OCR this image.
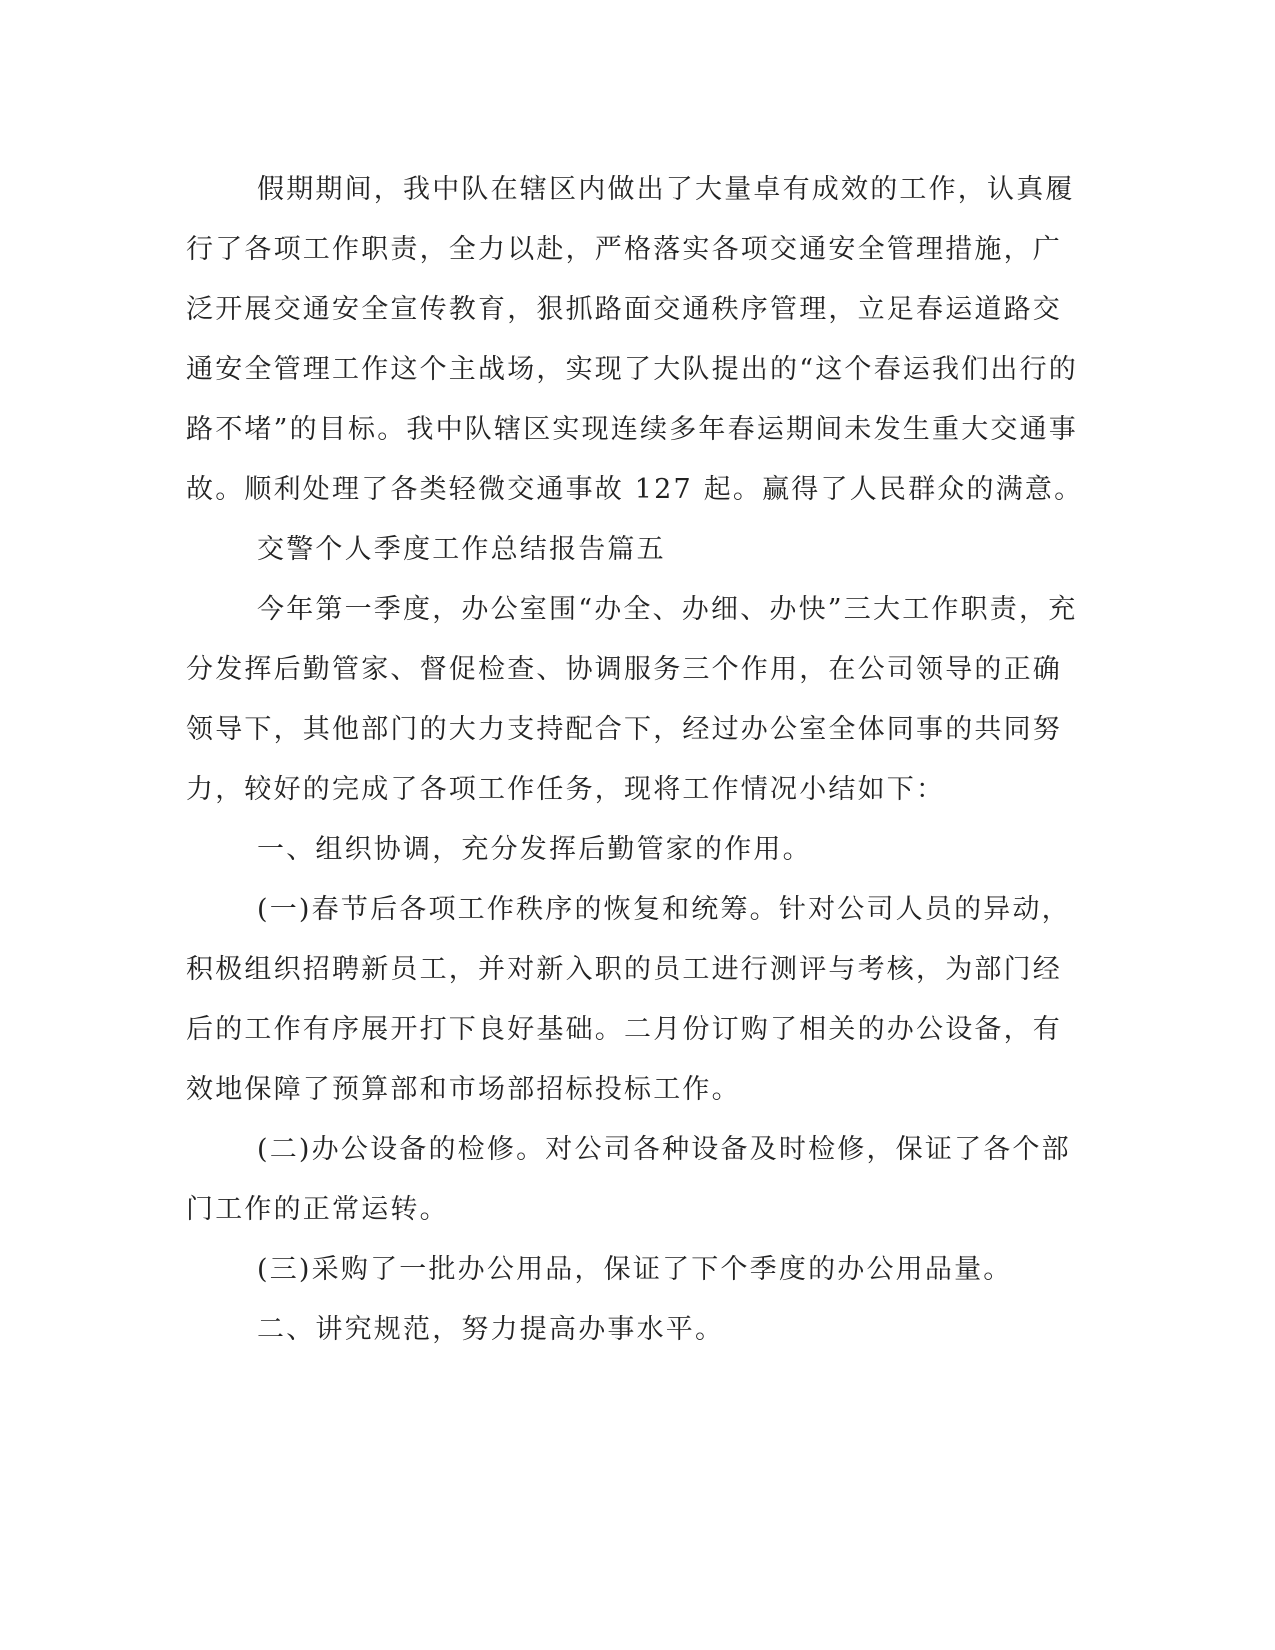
假期期间，我中队在辖区内做出了大量卓有成效的工作，认真履
行了各项工作职责，全力以赴，严格落实各项交通安全管理措施，广
泛开展交通安全宣传教育，狠抓路面交通秩序管理，立足春运道路交
通安全管理工作这个主战场，实现了大队提出的“这个春运我们出行的
路不堵”的目标。我中队辖区实现连续多年春运期间未发生重大交通事
故。顺利处理了各类轻微交通事故 127 起。赢得了人民群众的满意。

交警个人季度工作总结报告篇五

今年第一季度，办公室围“办全、办细、办快”三大工作职责，充
分发挥后勤管家、督促检查、协调服务三个作用，在公司领导的正确
领导下，其他部门的大力支持配合下，经过办公室全体同事的共同努
力，较好的完成了各项工作任务，现将工作情况小结如下：

一、组织协调，充分发挥后勤管家的作用。

(一)春节后各项工作秩序的恢复和统筹。针对公司人员的异动，
积极组织招聘新员工，并对新入职的员工进行测评与考核，为部门经
后的工作有序展开打下良好基础。二月份订购了相关的办公设备，有
效地保障了预算部和市场部招标投标工作。

(二)办公设备的检修。对公司各种设备及时检修，保证了各个部
门工作的正常运转。

(三)采购了一批办公用品，保证了下个季度的办公用品量。

二、讲究规范，努力提高办事水平。
